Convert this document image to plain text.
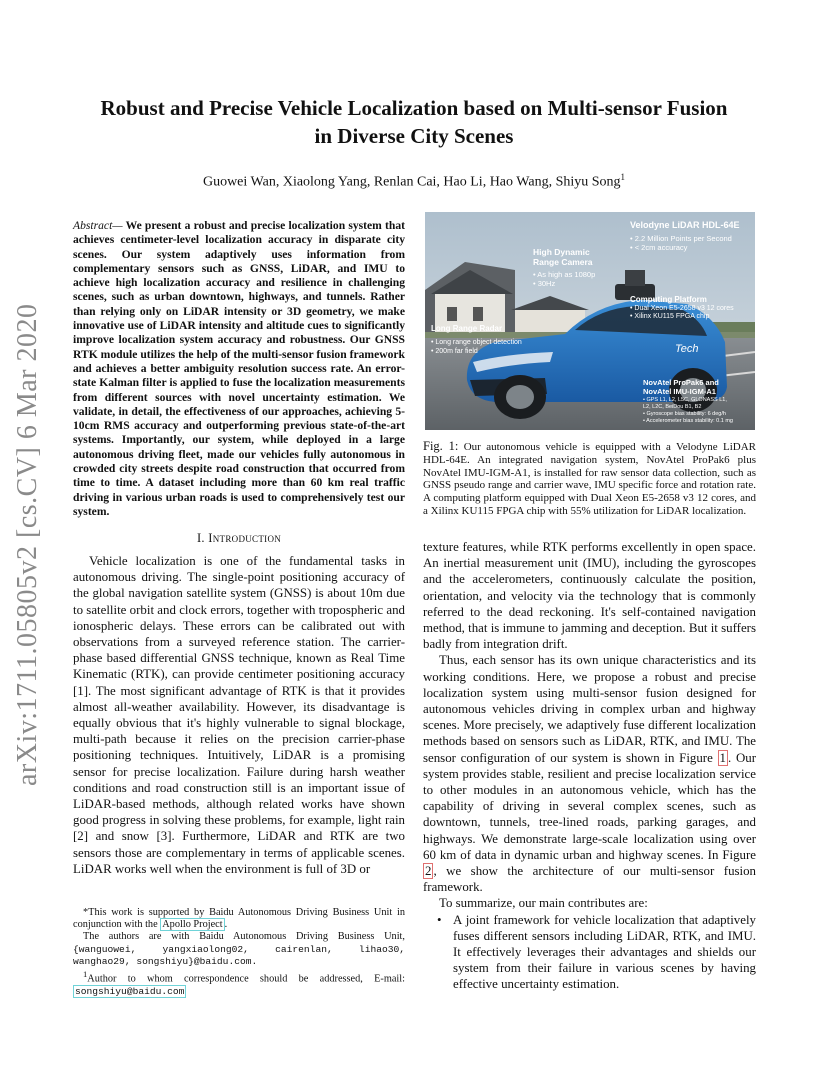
arXiv:1711.05805v2 [cs.CV] 6 Mar 2020
Robust and Precise Vehicle Localization based on Multi-sensor Fusion
in Diverse City Scenes
Guowei Wan, Xiaolong Yang, Renlan Cai, Hao Li, Hao Wang, Shiyu Song$^1$
Abstract— We present a robust and precise localization system that achieves centimeter-level localization accuracy in disparate city scenes. Our system adaptively uses information from complementary sensors such as GNSS, LiDAR, and IMU to achieve high localization accuracy and resilience in challenging scenes, such as urban downtown, highways, and tunnels. Rather than relying only on LiDAR intensity or 3D geometry, we make innovative use of LiDAR intensity and altitude cues to significantly improve localization system accuracy and robustness. Our GNSS RTK module utilizes the help of the multi-sensor fusion framework and achieves a better ambiguity resolution success rate. An error-state Kalman filter is applied to fuse the localization measurements from different sources with novel uncertainty estimation. We validate, in detail, the effectiveness of our approaches, achieving 5-10cm RMS accuracy and outperforming previous state-of-the-art systems. Importantly, our system, while deployed in a large autonomous driving fleet, made our vehicles fully autonomous in crowded city streets despite road construction that occurred from time to time. A dataset including more than 60 km real traffic driving in various urban roads is used to comprehensively test our system.
I. Introduction
Vehicle localization is one of the fundamental tasks in autonomous driving. The single-point positioning accuracy of the global navigation satellite system (GNSS) is about 10m due to satellite orbit and clock errors, together with tropospheric and ionospheric delays. These errors can be calibrated out with observations from a surveyed reference station. The carrier-phase based differential GNSS technique, known as Real Time Kinematic (RTK), can provide centimeter positioning accuracy [1]. The most significant advantage of RTK is that it provides almost all-weather availability. However, its disadvantage is equally obvious that it's highly vulnerable to signal blockage, multi-path because it relies on the precision carrier-phase positioning techniques. Intuitively, LiDAR is a promising sensor for precise localization. Failure during harsh weather conditions and road construction still is an important issue of LiDAR-based methods, although related works have shown good progress in solving these problems, for example, light rain [2] and snow [3]. Furthermore, LiDAR and RTK are two sensors those are complementary in terms of applicable scenes. LiDAR works well when the environment is full of 3D or

*This work is supported by Baidu Autonomous Driving Business Unit in conjunction with the Apollo Project .

The authors are with Baidu Autonomous Driving Business Unit, {wanguowei, yangxiaolong02, cairenlan, lihao30, wanghao29, songshiyu}@baidu.com.

$^1$Author to whom correspondence should be addressed, E-mail: songshiyu@baidu.com

Tech
Velodyne LiDAR HDL-64E
• 2.2 Million Points per Second
• < 2cm accuracy
High Dynamic
Range Camera
• As high as 1080p
• 30Hz
Computing Platform
• Dual Xeon E5-2658 v3 12 cores
• Xilinx KU115 FPGA chip
Long Range Radar
• Long range object detection
• 200m far field
NovAtel ProPak6 and
NovAtel IMU-IGM-A1
• GPS L1, L2, L5C, GLONASS L1,
L2, L2C, BeiDou B1, B2
• Gyroscope bias stability: 6 deg/h
• Accelerometer bias stability: 0.1 mg
Fig. 1: Our autonomous vehicle is equipped with a Velodyne LiDAR HDL-64E. An integrated navigation system, NovAtel ProPak6 plus NovAtel IMU-IGM-A1, is installed for raw sensor data collection, such as GNSS pseudo range and carrier wave, IMU specific force and rotation rate. A computing platform equipped with Dual Xeon E5-2658 v3 12 cores, and a Xilinx KU115 FPGA chip with 55% utilization for LiDAR localization.

texture features, while RTK performs excellently in open space. An inertial measurement unit (IMU), including the gyroscopes and the accelerometers, continuously calculate the position, orientation, and velocity via the technology that is commonly referred to the dead reckoning. It's self-contained navigation method, that is immune to jamming and deception. But it suffers badly from integration drift.

Thus, each sensor has its own unique characteristics and its working conditions. Here, we propose a robust and precise localization system using multi-sensor fusion designed for autonomous vehicles driving in complex urban and highway scenes. More precisely, we adaptively fuse different localization methods based on sensors such as LiDAR, RTK, and IMU. The sensor configuration of our system is shown in Figure 1 . Our system provides stable, resilient and precise localization service to other modules in an autonomous vehicle, which has the capability of driving in several complex scenes, such as downtown, tunnels, tree-lined roads, parking garages, and highways. We demonstrate large-scale localization using over 60 km of data in dynamic urban and highway scenes. In Figure 2 , we show the architecture of our multi-sensor fusion framework.

To summarize, our main contributes are:

• A joint framework for vehicle localization that adaptively fuses different sensors including LiDAR, RTK, and IMU. It effectively leverages their advantages and shields our system from their failure in various scenes by having effective uncertainty estimation.
